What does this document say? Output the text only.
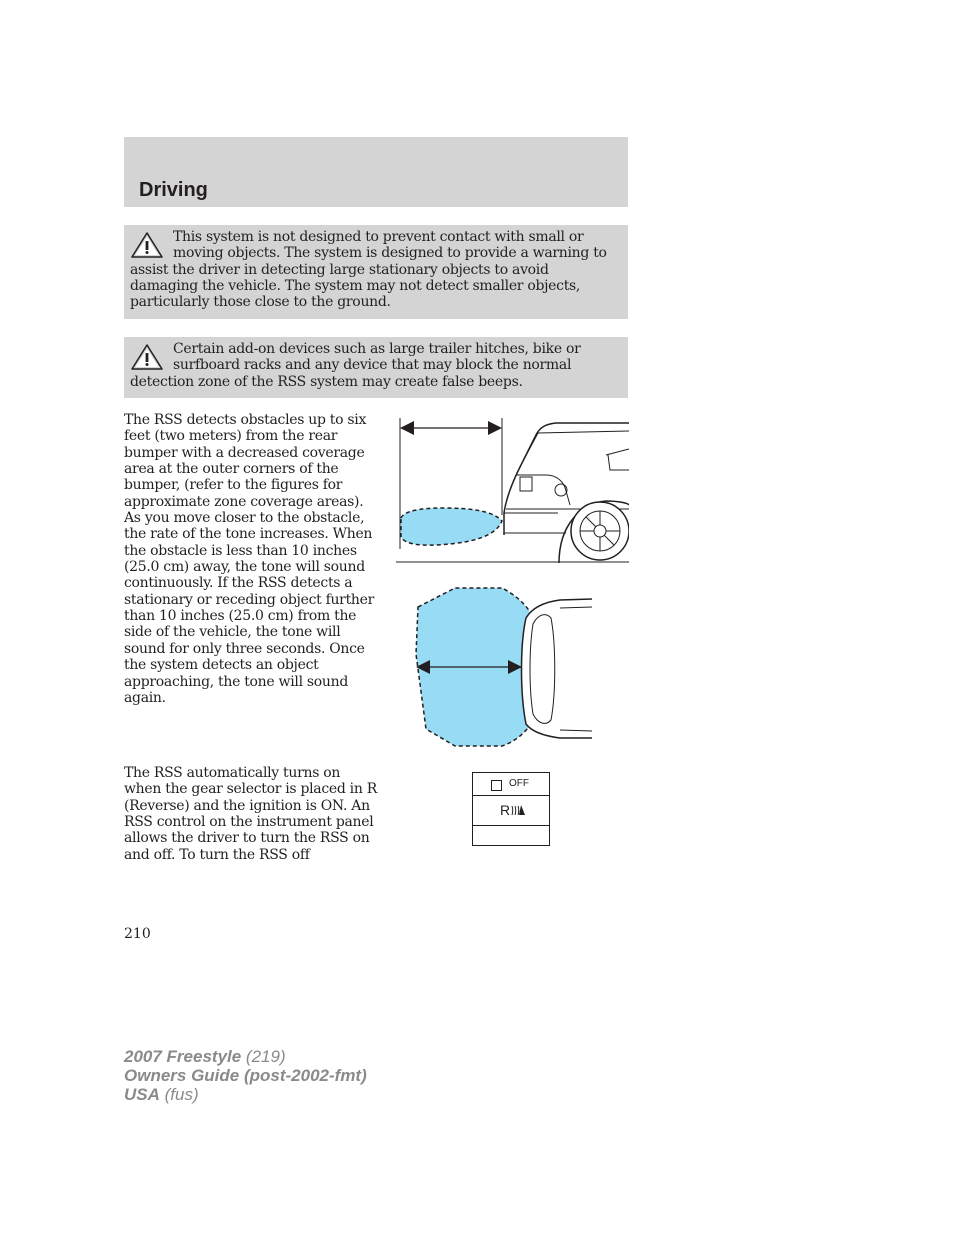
Driving

This system is not designed to prevent contact with small or moving objects. The system is designed to provide a warning to assist the driver in detecting large stationary objects to avoid damaging the vehicle. The system may not detect smaller objects, particularly those close to the ground.

Certain add-on devices such as large trailer hitches, bike or surfboard racks and any device that may block the normal detection zone of the RSS system may create false beeps.

The RSS detects obstacles up to six feet (two meters) from the rear bumper with a decreased coverage area at the outer corners of the bumper, (refer to the figures for approximate zone coverage areas). As you move closer to the obstacle, the rate of the tone increases. When the obstacle is less than 10 inches (25.0 cm) away, the tone will sound continuously. If the RSS detects a stationary or receding object further than 10 inches (25.0 cm) from the side of the vehicle, the tone will sound for only three seconds. Once the system detects an object approaching, the tone will sound again.

The RSS automatically turns on when the gear selector is placed in R (Reverse) and the ignition is ON. An RSS control on the instrument panel allows the driver to turn the RSS on and off. To turn the RSS off

OFF
R
210
2007 Freestyle (219)
Owners Guide (post-2002-fmt)
USA (fus)
